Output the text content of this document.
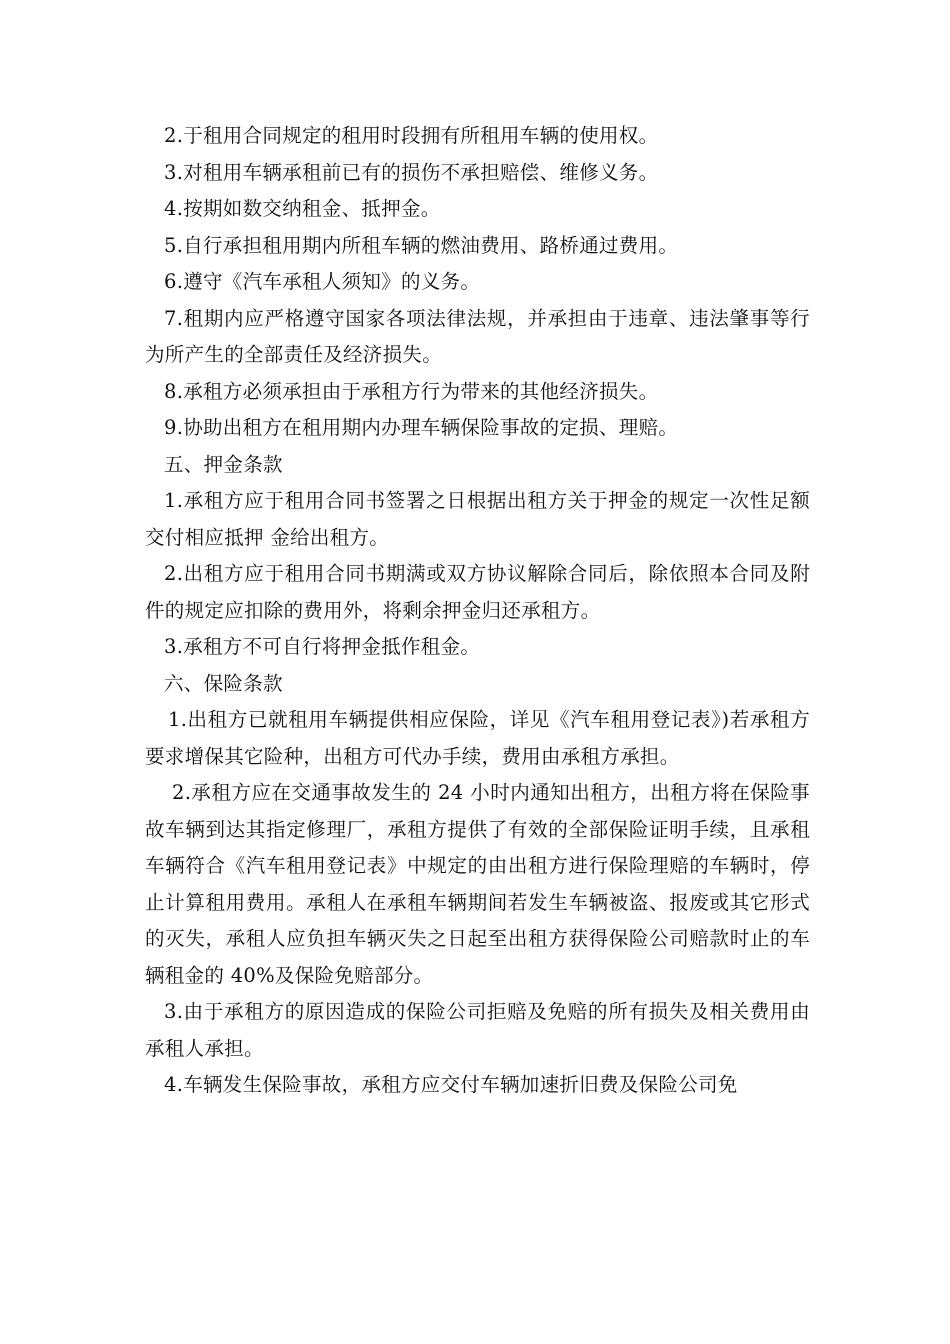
2.于租用合同规定的租用时段拥有所租用车辆的使用权。

3.对租用车辆承租前已有的损伤不承担赔偿、维修义务。

4.按期如数交纳租金、抵押金。

5.自行承担租用期内所租车辆的燃油费用、路桥通过费用。

6.遵守《汽车承租人须知》的义务。

7.租期内应严格遵守国家各项法律法规，并承担由于违章、违法肇事等行为所产生的全部责任及经济损失。

8.承租方必须承担由于承租方行为带来的其他经济损失。

9.协助出租方在租用期内办理车辆保险事故的定损、理赔。

五、押金条款

1.承租方应于租用合同书签署之日根据出租方关于押金的规定一次性足额交付相应抵押 金给出租方。

2.出租方应于租用合同书期满或双方协议解除合同后，除依照本合同及附件的规定应扣除的费用外，将剩余押金归还承租方。

3.承租方不可自行将押金抵作租金。

六、保险条款

1.出租方已就租用车辆提供相应保险，详见《汽车租用登记表》)若承租方要求增保其它险种，出租方可代办手续，费用由承租方承担。

2.承租方应在交通事故发生的 24 小时内通知出租方，出租方将在保险事故车辆到达其指定修理厂，承租方提供了有效的全部保险证明手续，且承租车辆符合《汽车租用登记表》中规定的由出租方进行保险理赔的车辆时，停止计算租用费用。承租人在承租车辆期间若发生车辆被盗、报废或其它形式的灭失，承租人应负担车辆灭失之日起至出租方获得保险公司赔款时止的车辆租金的 40%及保险免赔部分。

3.由于承租方的原因造成的保险公司拒赔及免赔的所有损失及相关费用由承租人承担。

4.车辆发生保险事故，承租方应交付车辆加速折旧费及保险公司免
